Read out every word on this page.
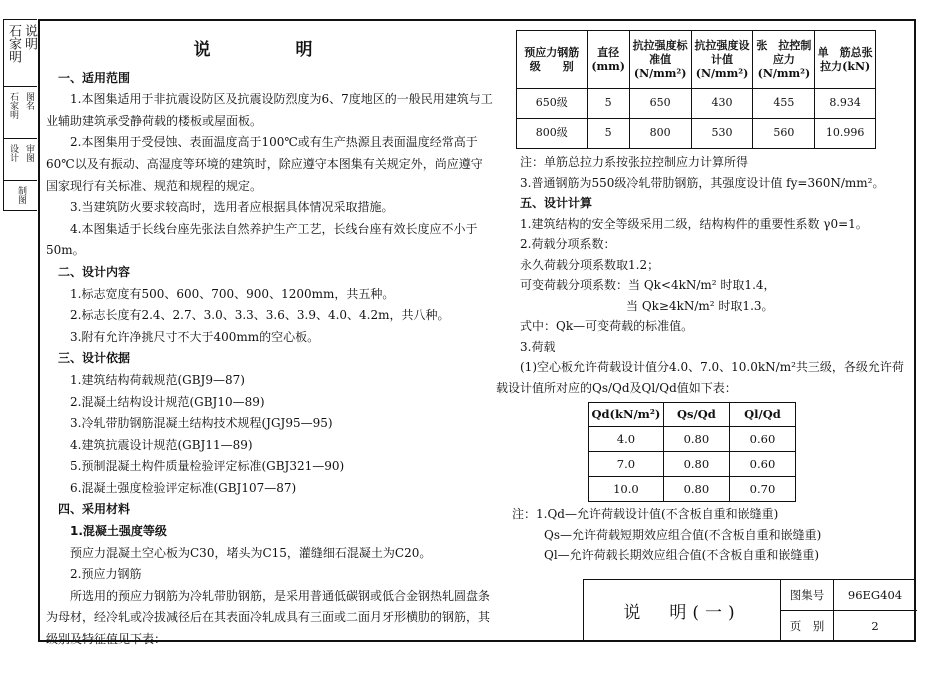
说明
石家明
石家明 图名
设计 审图
制图
说　明

一、适用范围

1.本图集适用于非抗震设防区及抗震设防烈度为6、7度地区的一般民用建筑与工业辅助建筑承受静荷载的楼板或屋面板。

2.本图集用于受侵蚀、表面温度高于100℃或有生产热源且表面温度经常高于60℃以及有振动、高湿度等环境的建筑时，除应遵守本图集有关规定外，尚应遵守国家现行有关标准、规范和规程的规定。

3.当建筑防火要求较高时，选用者应根据具体情况采取措施。

4.本图集适于长线台座先张法自然养护生产工艺，长线台座有效长度应不小于50m。

二、设计内容

1.标志宽度有500、600、700、900、1200mm，共五种。

2.标志长度有2.4、2.7、3.0、3.3、3.6、3.9、4.0、4.2m，共八种。

3.附有允许净挑尺寸不大于400mm的空心板。

三、设计依据

1.建筑结构荷载规范(GBJ9—87)

2.混凝土结构设计规范(GBJ10—89)

3.冷轧带肋钢筋混凝土结构技术规程(JGJ95—95)

4.建筑抗震设计规范(GBJ11—89)

5.预制混凝土构件质量检验评定标准(GBJ321—90)

6.混凝土强度检验评定标准(GBJ107—87)

四、采用材料

1.混凝土强度等级

预应力混凝土空心板为C30，堵头为C15，灌缝细石混凝土为C20。

2.预应力钢筋

所选用的预应力钢筋为冷轧带肋钢筋，是采用普通低碳钢或低合金钢热轧圆盘条为母材，经冷轧或冷拔减径后在其表面冷轧成具有三面或二面月牙形横肋的钢筋，其级别及特征值见下表：

预应力钢筋级　　别	直径(mm)	抗拉强度标准值(N/mm²)	抗拉强度设计值(N/mm²)	张　拉控制应力(N/mm²)	单　筋总张拉力(kN)
650级	5	650	430	455	8.934
800级	5	800	530	560	10.996

注：单筋总拉力系按张拉控制应力计算所得

3.普通钢筋为550级冷轧带肋钢筋，其强度设计值 fy=360N/mm²。

五、设计计算

1.建筑结构的安全等级采用二级，结构构件的重要性系数 γ0=1。

2.荷载分项系数：

永久荷载分项系数取1.2；

可变荷载分项系数：当 Qk<4kN/m² 时取1.4，

当 Qk≥4kN/m² 时取1.3。

式中：Qk—可变荷载的标准值。

3.荷载

(1)空心板允许荷载设计值分4.0、7.0、10.0kN/m²共三级，各级允许荷载设计值所对应的Qs/Qd及Ql/Qd值如下表：

Qd(kN/m²)	Qs/Qd	Ql/Qd
4.0	0.80	0.60
7.0	0.80	0.60
10.0	0.80	0.70

注：1.Qd—允许荷载设计值(不含板自重和嵌缝重)

Qs—允许荷载短期效应组合值(不含板自重和嵌缝重)

Ql—允许荷载长期效应组合值(不含板自重和嵌缝重)

说　明(一)
图集号	96EG404
页　别	2
